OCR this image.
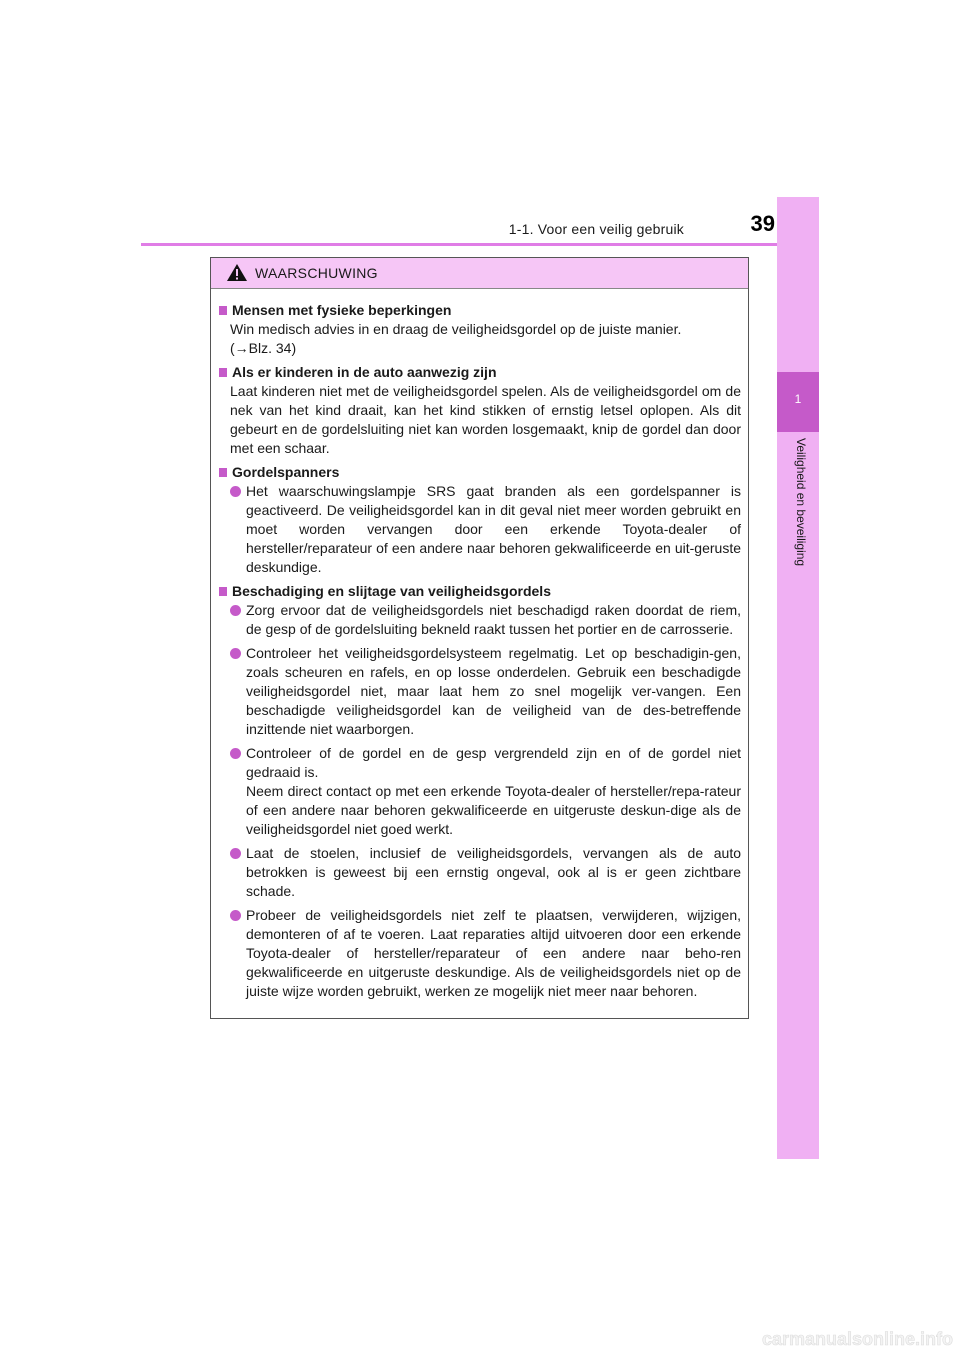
1-1. Voor een veilig gebruik	39
1
Veiligheid en beveiliging
WAARSCHUWING
Mensen met fysieke beperkingen
Win medisch advies in en draag de veiligheidsgordel op de juiste manier.
(→Blz. 34)
Als er kinderen in de auto aanwezig zijn
Laat kinderen niet met de veiligheidsgordel spelen. Als de veiligheidsgordel om de nek van het kind draait, kan het kind stikken of ernstig letsel oplopen. Als dit gebeurt en de gordelsluiting niet kan worden losgemaakt, knip de gordel dan door met een schaar.
Gordelspanners
Het waarschuwingslampje SRS gaat branden als een gordelspanner is geactiveerd. De veiligheidsgordel kan in dit geval niet meer worden gebruikt en moet worden vervangen door een erkende Toyota-dealer of hersteller/reparateur of een andere naar behoren gekwalificeerde en uit-geruste deskundige.
Beschadiging en slijtage van veiligheidsgordels
Zorg ervoor dat de veiligheidsgordels niet beschadigd raken doordat de riem, de gesp of de gordelsluiting bekneld raakt tussen het portier en de carrosserie.
Controleer het veiligheidsgordelsysteem regelmatig. Let op beschadigin-gen, zoals scheuren en rafels, en op losse onderdelen. Gebruik een beschadigde veiligheidsgordel niet, maar laat hem zo snel mogelijk ver-vangen. Een beschadigde veiligheidsgordel kan de veiligheid van de des-betreffende inzittende niet waarborgen.
Controleer of de gordel en de gesp vergrendeld zijn en of de gordel niet gedraaid is.
Neem direct contact op met een erkende Toyota-dealer of hersteller/repa-rateur of een andere naar behoren gekwalificeerde en uitgeruste deskun-dige als de veiligheidsgordel niet goed werkt.
Laat de stoelen, inclusief de veiligheidsgordels, vervangen als de auto betrokken is geweest bij een ernstig ongeval, ook al is er geen zichtbare schade.
Probeer de veiligheidsgordels niet zelf te plaatsen, verwijderen, wijzigen, demonteren of af te voeren. Laat reparaties altijd uitvoeren door een erkende Toyota-dealer of hersteller/reparateur of een andere naar beho-ren gekwalificeerde en uitgeruste deskundige. Als de veiligheidsgordels niet op de juiste wijze worden gebruikt, werken ze mogelijk niet meer naar behoren.
carmanualsonline.info
